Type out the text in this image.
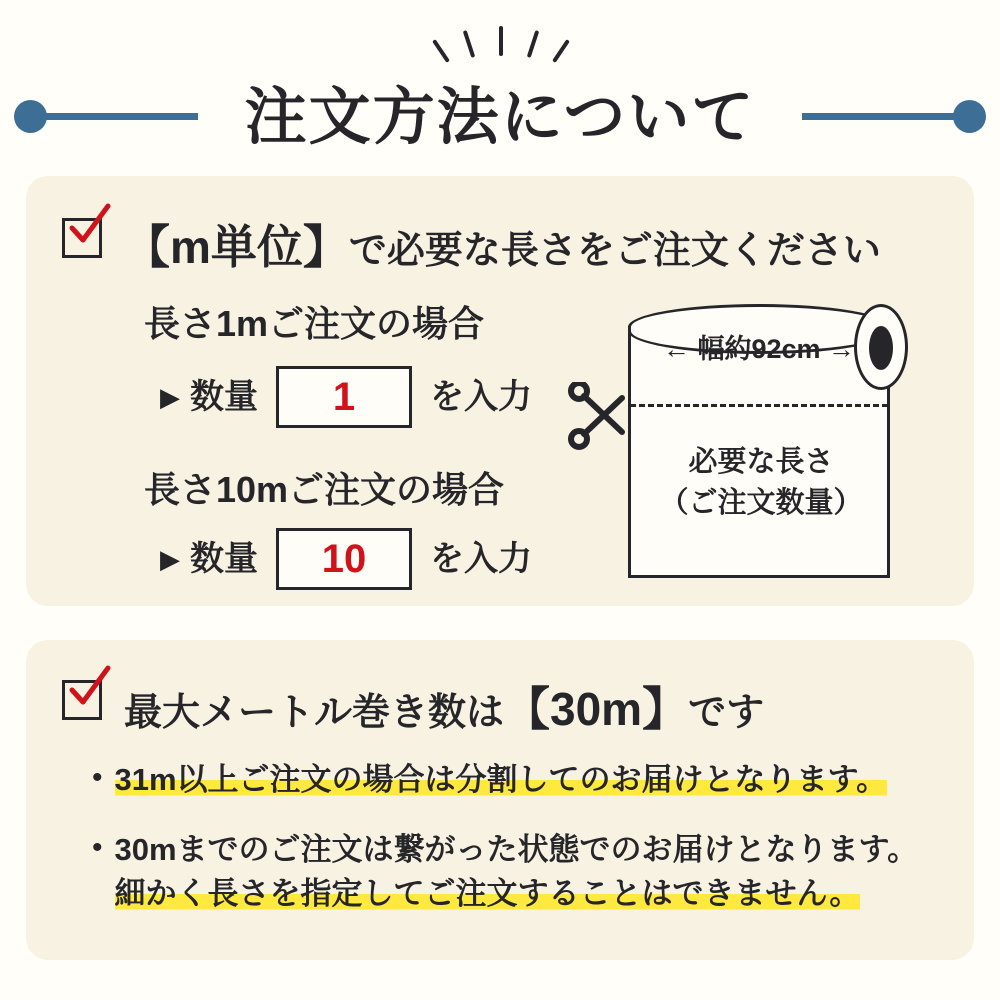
注文方法について
【m単位】で必要な長さをご注文ください
長さ1mご注文の場合
▶ 数量 1 を入力
長さ10mご注文の場合
▶ 数量 10 を入力
← 幅約92cm →
必要な長さ
（ご注文数量）
最大メートル巻き数は【30m】です
• 31m以上ご注文の場合は分割してのお届けとなります。
• 30mまでのご注文は繋がった状態でのお届けとなります。
細かく長さを指定してご注文することはできません。
